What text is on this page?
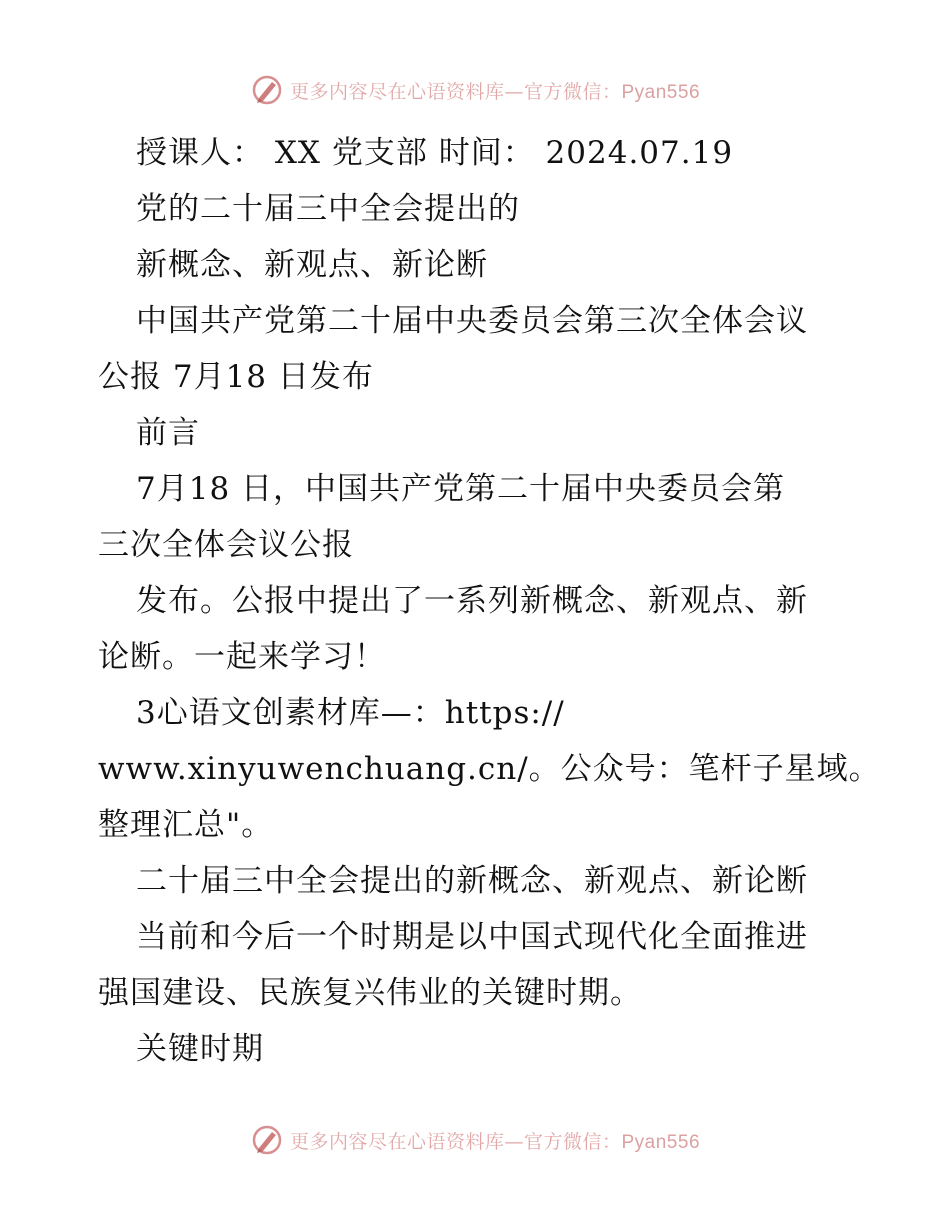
更多内容尽在心语资料库—官方微信：Pyan556
授课人： XX 党支部 时间： 2024.07.19
党的二十届三中全会提出的
新概念、新观点、新论断
中国共产党第二十届中央委员会第三次全体会议
公报 7月18 日发布
前言
7月18 日，中国共产党第二十届中央委员会第
三次全体会议公报
发布。公报中提出了一系列新概念、新观点、新
论断。一起来学习！
3心语文创素材库—：https://
www.xinyuwenchuang.cn/。公众号：笔杆子星域。
整理汇总"。
二十届三中全会提出的新概念、新观点、新论断
当前和今后一个时期是以中国式现代化全面推进
强国建设、民族复兴伟业的关键时期。
关键时期
更多内容尽在心语资料库—官方微信：Pyan556
